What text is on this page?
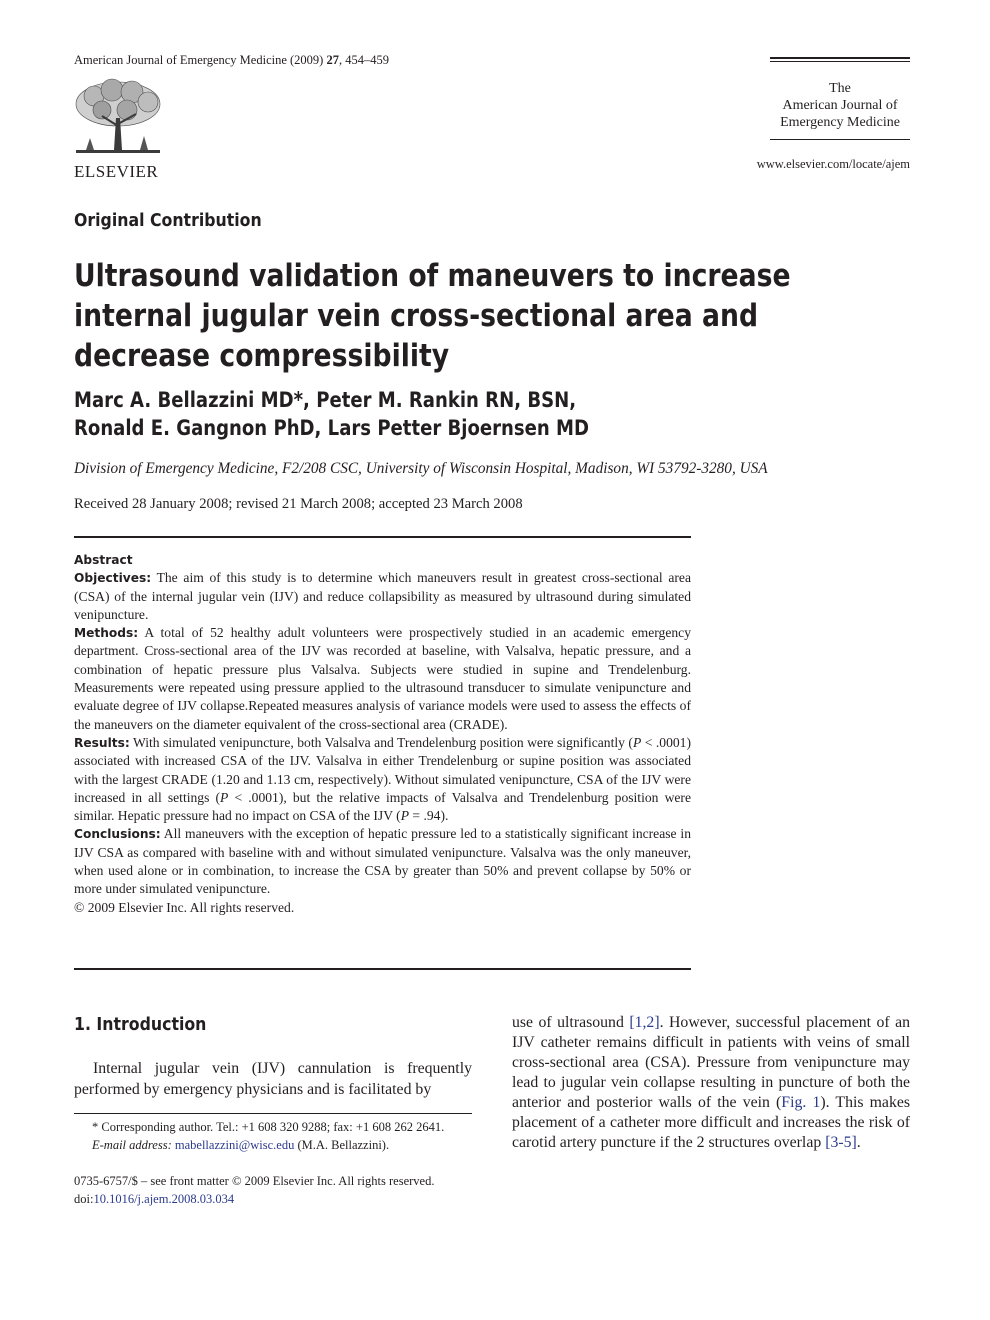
American Journal of Emergency Medicine (2009) 27, 454–459
ELSEVIER
The
American Journal of
Emergency Medicine
www.elsevier.com/locate/ajem
Original Contribution
Ultrasound validation of maneuvers to increase internal jugular vein cross-sectional area and decrease compressibility
Marc A. Bellazzini MD*, Peter M. Rankin RN, BSN,
Ronald E. Gangnon PhD, Lars Petter Bjoernsen MD
Division of Emergency Medicine, F2/208 CSC, University of Wisconsin Hospital, Madison, WI 53792-3280, USA
Received 28 January 2008; revised 21 March 2008; accepted 23 March 2008

Abstract

Objectives: The aim of this study is to determine which maneuvers result in greatest cross-sectional area (CSA) of the internal jugular vein (IJV) and reduce collapsibility as measured by ultrasound during simulated venipuncture.

Methods: A total of 52 healthy adult volunteers were prospectively studied in an academic emergency department. Cross-sectional area of the IJV was recorded at baseline, with Valsalva, hepatic pressure, and a combination of hepatic pressure plus Valsalva. Subjects were studied in supine and Trendelenburg. Measurements were repeated using pressure applied to the ultrasound transducer to simulate venipuncture and evaluate degree of IJV collapse.Repeated measures analysis of variance models were used to assess the effects of the maneuvers on the diameter equivalent of the cross-sectional area (CRADE).

Results: With simulated venipuncture, both Valsalva and Trendelenburg position were significantly (P < .0001) associated with increased CSA of the IJV. Valsalva in either Trendelenburg or supine position was associated with the largest CRADE (1.20 and 1.13 cm, respectively). Without simulated venipuncture, CSA of the IJV were increased in all settings (P < .0001), but the relative impacts of Valsalva and Trendelenburg position were similar. Hepatic pressure had no impact on CSA of the IJV (P = .94).

Conclusions: All maneuvers with the exception of hepatic pressure led to a statistically significant increase in IJV CSA as compared with baseline with and without simulated venipuncture. Valsalva was the only maneuver, when used alone or in combination, to increase the CSA by greater than 50% and prevent collapse by 50% or more under simulated venipuncture.

© 2009 Elsevier Inc. All rights reserved.

1. Introduction
Internal jugular vein (IJV) cannulation is frequently performed by emergency physicians and is facilitated by
* Corresponding author. Tel.: +1 608 320 9288; fax: +1 608 262 2641.
E-mail address: mabellazzini@wisc.edu (M.A. Bellazzini).
0735-6757/$ – see front matter © 2009 Elsevier Inc. All rights reserved.
doi:10.1016/j.ajem.2008.03.034
use of ultrasound [1,2]. However, successful placement of an IJV catheter remains difficult in patients with veins of small cross-sectional area (CSA). Pressure from venipuncture may lead to jugular vein collapse resulting in puncture of both the anterior and posterior walls of the vein (Fig. 1). This makes placement of a catheter more difficult and increases the risk of carotid artery puncture if the 2 structures overlap [3-5].
